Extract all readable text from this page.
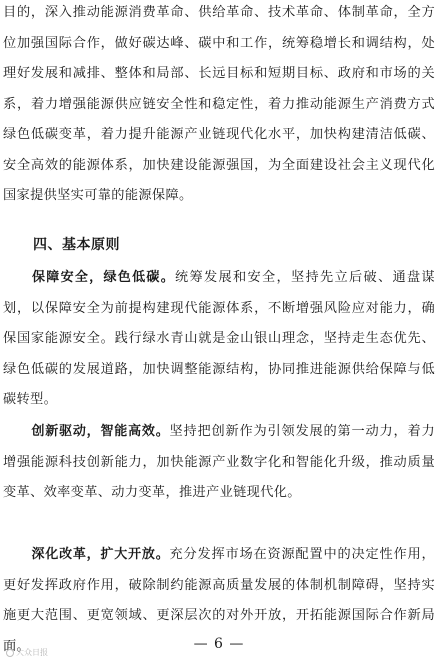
目的，深入推动能源消费革命、供给革命、技术革命、体制革命，全方位加强国际合作，做好碳达峰、碳中和工作，统筹稳增长和调结构，处理好发展和减排、整体和局部、长远目标和短期目标、政府和市场的关系，着力增强能源供应链安全性和稳定性，着力推动能源生产消费方式绿色低碳变革，着力提升能源产业链现代化水平，加快构建清洁低碳、安全高效的能源体系，加快建设能源强国，为全面建设社会主义现代化国家提供坚实可靠的能源保障。

四、基本原则

保障安全，绿色低碳。统筹发展和安全，坚持先立后破、通盘谋划，以保障安全为前提构建现代能源体系，不断增强风险应对能力，确保国家能源安全。践行绿水青山就是金山银山理念，坚持走生态优先、绿色低碳的发展道路，加快调整能源结构，协同推进能源供给保障与低碳转型。

创新驱动，智能高效。坚持把创新作为引领发展的第一动力，着力增强能源科技创新能力，加快能源产业数字化和智能化升级，推动质量变革、效率变革、动力变革，推进产业链现代化。

深化改革，扩大开放。充分发挥市场在资源配置中的决定性作用，更好发挥政府作用，破除制约能源高质量发展的体制机制障碍，坚持实施更大范围、更宽领域、更深层次的对外开放，开拓能源国际合作新局面。	— 6 —
大众日报
